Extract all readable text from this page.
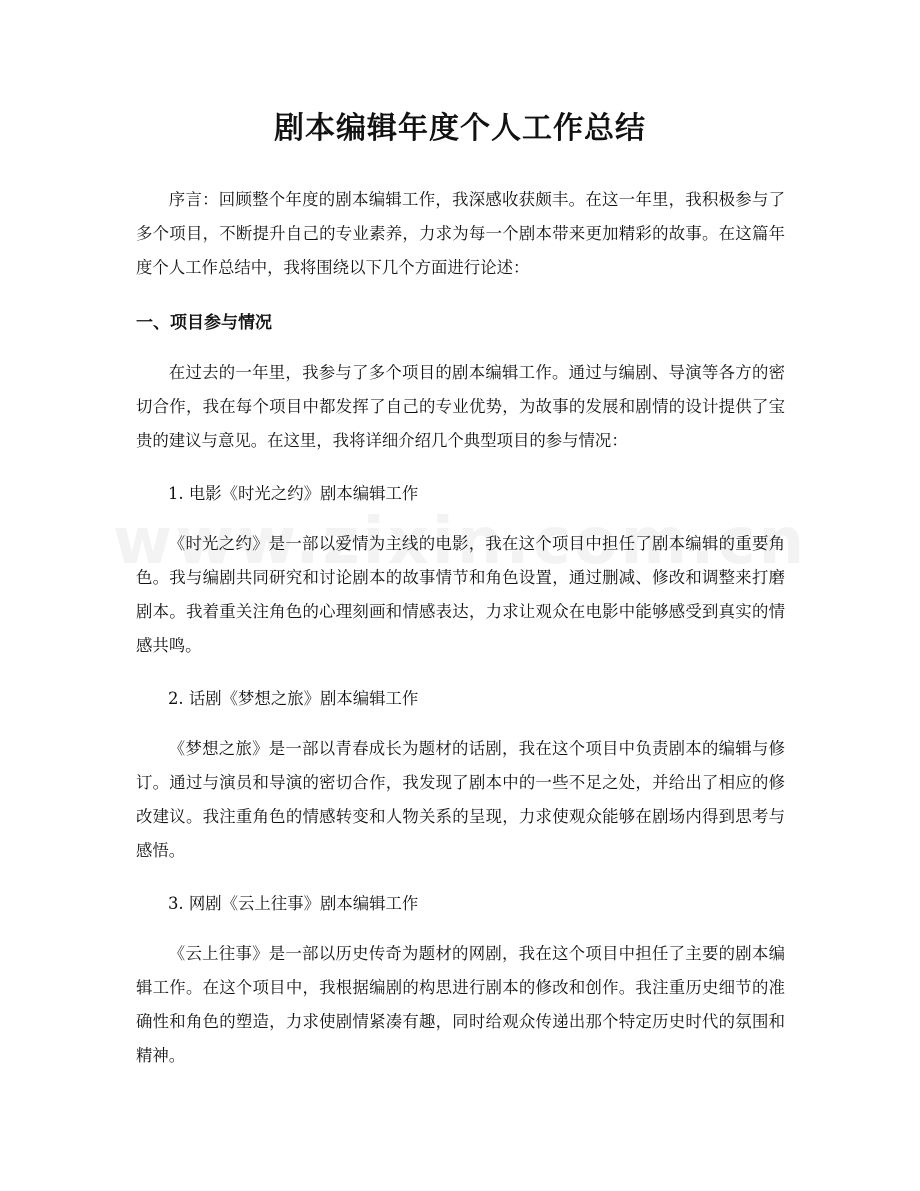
剧本编辑年度个人工作总结

序言：回顾整个年度的剧本编辑工作，我深感收获颇丰。在这一年里，我积极参与了多个项目，不断提升自己的专业素养，力求为每一个剧本带来更加精彩的故事。在这篇年度个人工作总结中，我将围绕以下几个方面进行论述：

一、项目参与情况

在过去的一年里，我参与了多个项目的剧本编辑工作。通过与编剧、导演等各方的密切合作，我在每个项目中都发挥了自己的专业优势，为故事的发展和剧情的设计提供了宝贵的建议与意见。在这里，我将详细介绍几个典型项目的参与情况：

1. 电影《时光之约》剧本编辑工作

《时光之约》是一部以爱情为主线的电影，我在这个项目中担任了剧本编辑的重要角色。我与编剧共同研究和讨论剧本的故事情节和角色设置，通过删减、修改和调整来打磨剧本。我着重关注角色的心理刻画和情感表达，力求让观众在电影中能够感受到真实的情感共鸣。

2. 话剧《梦想之旅》剧本编辑工作

《梦想之旅》是一部以青春成长为题材的话剧，我在这个项目中负责剧本的编辑与修订。通过与演员和导演的密切合作，我发现了剧本中的一些不足之处，并给出了相应的修改建议。我注重角色的情感转变和人物关系的呈现，力求使观众能够在剧场内得到思考与感悟。

3. 网剧《云上往事》剧本编辑工作

《云上往事》是一部以历史传奇为题材的网剧，我在这个项目中担任了主要的剧本编辑工作。在这个项目中，我根据编剧的构思进行剧本的修改和创作。我注重历史细节的准确性和角色的塑造，力求使剧情紧凑有趣，同时给观众传递出那个特定历史时代的氛围和精神。
